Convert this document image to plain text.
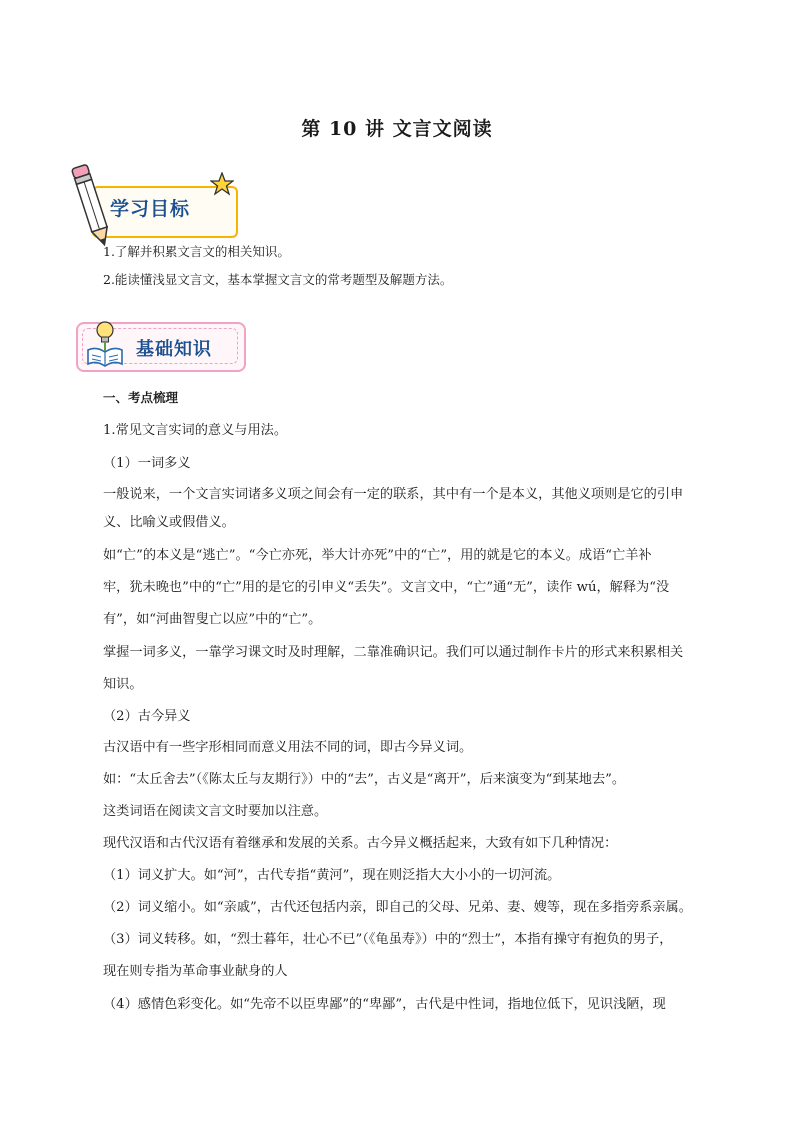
第 10 讲 文言文阅读
学习目标
1.了解并积累文言文的相关知识。
2.能读懂浅显文言文，基本掌握文言文的常考题型及解题方法。
基础知识
一、考点梳理
1.常见文言实词的意义与用法。
（1）一词多义
一般说来，一个文言实词诸多义项之间会有一定的联系，其中有一个是本义，其他义项则是它的引申
义、比喻义或假借义。
如“亡”的本义是“逃亡”。“今亡亦死，举大计亦死”中的“亡”，用的就是它的本义。成语“亡羊补
牢，犹未晚也”中的“亡”用的是它的引申义“丢失”。文言文中，“亡”通“无”，读作 wú，解释为“没
有”，如“河曲智叟亡以应”中的“亡”。
掌握一词多义，一靠学习课文时及时理解，二靠准确识记。我们可以通过制作卡片的形式来积累相关
知识。
（2）古今异义
古汉语中有一些字形相同而意义用法不同的词，即古今异义词。
如：“太丘舍去”（《陈太丘与友期行》）中的“去”，古义是“离开”，后来演变为“到某地去”。
这类词语在阅读文言文时要加以注意。
现代汉语和古代汉语有着继承和发展的关系。古今异义概括起来，大致有如下几种情况：
（1）词义扩大。如“河”，古代专指“黄河”，现在则泛指大大小小的一切河流。
（2）词义缩小。如“亲戚”，古代还包括内亲，即自己的父母、兄弟、妻、嫂等，现在多指旁系亲属。
（3）词义转移。如，“烈士暮年，壮心不已”（《龟虽寿》）中的“烈士”，本指有操守有抱负的男子，
现在则专指为革命事业献身的人
（4）感情色彩变化。如“先帝不以臣卑鄙”的“卑鄙”，古代是中性词，指地位低下，见识浅陋，现
